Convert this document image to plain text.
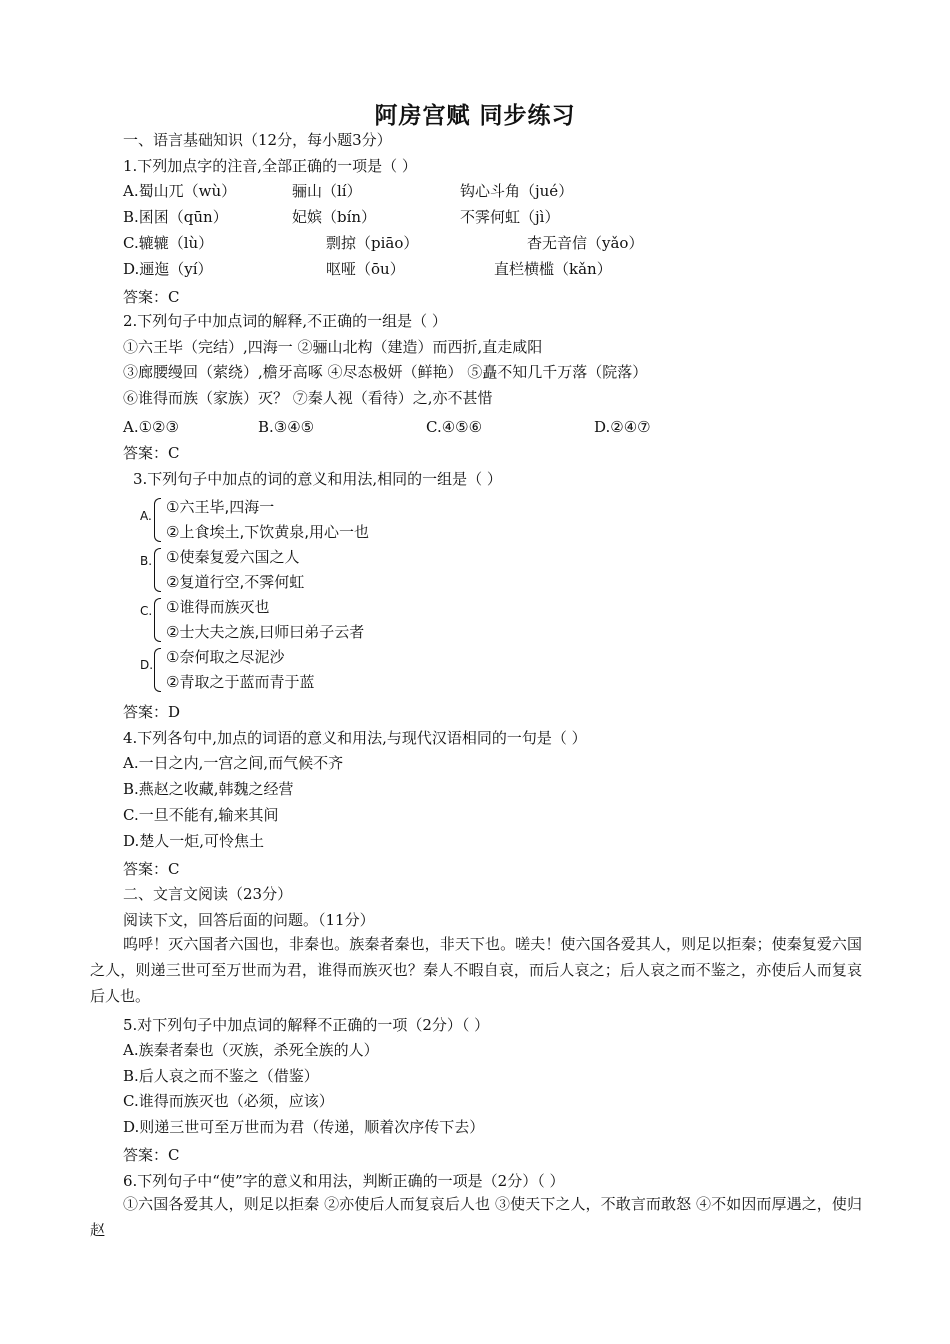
阿房宫赋 同步练习
一、语言基础知识（12分，每小题3分）
1.下列加点字的注音,全部正确的一项是（ ）
A.蜀山兀（wù）	骊山（lí）	钩心斗角（jué）
B.囷囷（qūn）	妃嫔（bín）	不霁何虹（jì）
C.辘辘（lù）	剽掠（piāo）	杳无音信（yǎo）
D.逦迤（yí）	呕哑（ōu）	直栏横槛（kǎn）
答案：C
2.下列句子中加点词的解释,不正确的一组是（ ）
①六王毕（完结）,四海一 ②骊山北构（建造）而西折,直走咸阳
③廊腰缦回（萦绕）,檐牙高啄 ④尽态极妍（鲜艳） ⑤矗不知几千万落（院落）
⑥谁得而族（家族）灭？ ⑦秦人视（看待）之,亦不甚惜
A.①②③	B.③④⑤	C.④⑤⑥	D.②④⑦
答案：C
3.下列句子中加点的词的意义和用法,相同的一组是（ ）
A. ①六王毕,四海一
②上食埃土,下饮黄泉,用心一也
B. ①使秦复爱六国之人
②复道行空,不霁何虹
C. ①谁得而族灭也
②士大夫之族,曰师曰弟子云者
D. ①奈何取之尽泥沙
②青取之于蓝而青于蓝
答案：D
4.下列各句中,加点的词语的意义和用法,与现代汉语相同的一句是（ ）
A.一日之内,一宫之间,而气候不齐
B.燕赵之收藏,韩魏之经营
C.一旦不能有,输来其间
D.楚人一炬,可怜焦土
答案：C
二、文言文阅读（23分）
阅读下文，回答后面的问题。（11分）
呜呼！灭六国者六国也，非秦也。族秦者秦也，非天下也。嗟夫！使六国各爱其人，则足以拒秦；使秦复爱六国之人，则递三世可至万世而为君，谁得而族灭也？秦人不暇自哀，而后人哀之；后人哀之而不鉴之，亦使后人而复哀后人也。
5.对下列句子中加点词的解释不正确的一项（2分）（ ）
A.族秦者秦也（灭族，杀死全族的人）
B.后人哀之而不鉴之（借鉴）
C.谁得而族灭也（必须，应该）
D.则递三世可至万世而为君（传递，顺着次序传下去）
答案：C
6.下列句子中“使”字的意义和用法，判断正确的一项是（2分）（ ）
①六国各爱其人，则足以拒秦 ②亦使后人而复哀后人也 ③使天下之人，不敢言而敢怒 ④不如因而厚遇之，使归赵
